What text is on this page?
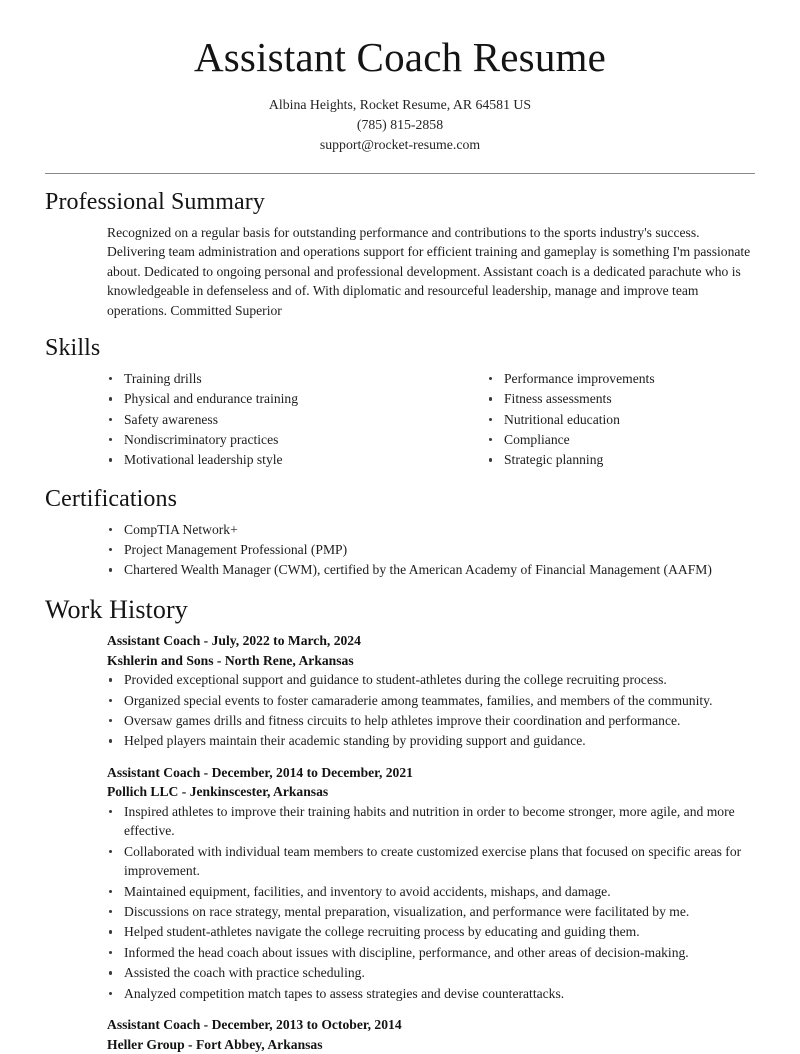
Assistant Coach Resume
Albina Heights, Rocket Resume, AR 64581 US
(785) 815-2858
support@rocket-resume.com
Professional Summary

Recognized on a regular basis for outstanding performance and contributions to the sports industry's success. Delivering team administration and operations support for efficient training and gameplay is something I'm passionate about. Dedicated to ongoing personal and professional development. Assistant coach is a dedicated parachute who is knowledgeable in defenseless and of. With diplomatic and resourceful leadership, manage and improve team operations. Committed Superior

Skills
Training drills
Physical and endurance training
Safety awareness
Nondiscriminatory practices
Motivational leadership style
Performance improvements
Fitness assessments
Nutritional education
Compliance
Strategic planning
Certifications
CompTIA Network+
Project Management Professional (PMP)
Chartered Wealth Manager (CWM), certified by the American Academy of Financial Management (AAFM)
Work History
Assistant Coach - July, 2022 to March, 2024
Kshlerin and Sons - North Rene, Arkansas
Provided exceptional support and guidance to student-athletes during the college recruiting process.
Organized special events to foster camaraderie among teammates, families, and members of the community.
Oversaw games drills and fitness circuits to help athletes improve their coordination and performance.
Helped players maintain their academic standing by providing support and guidance.
Assistant Coach - December, 2014 to December, 2021
Pollich LLC - Jenkinscester, Arkansas
Inspired athletes to improve their training habits and nutrition in order to become stronger, more agile, and more effective.
Collaborated with individual team members to create customized exercise plans that focused on specific areas for improvement.
Maintained equipment, facilities, and inventory to avoid accidents, mishaps, and damage.
Discussions on race strategy, mental preparation, visualization, and performance were facilitated by me.
Helped student-athletes navigate the college recruiting process by educating and guiding them.
Informed the head coach about issues with discipline, performance, and other areas of decision-making.
Assisted the coach with practice scheduling.
Analyzed competition match tapes to assess strategies and devise counterattacks.
Assistant Coach - December, 2013 to October, 2014
Heller Group - Fort Abbey, Arkansas
